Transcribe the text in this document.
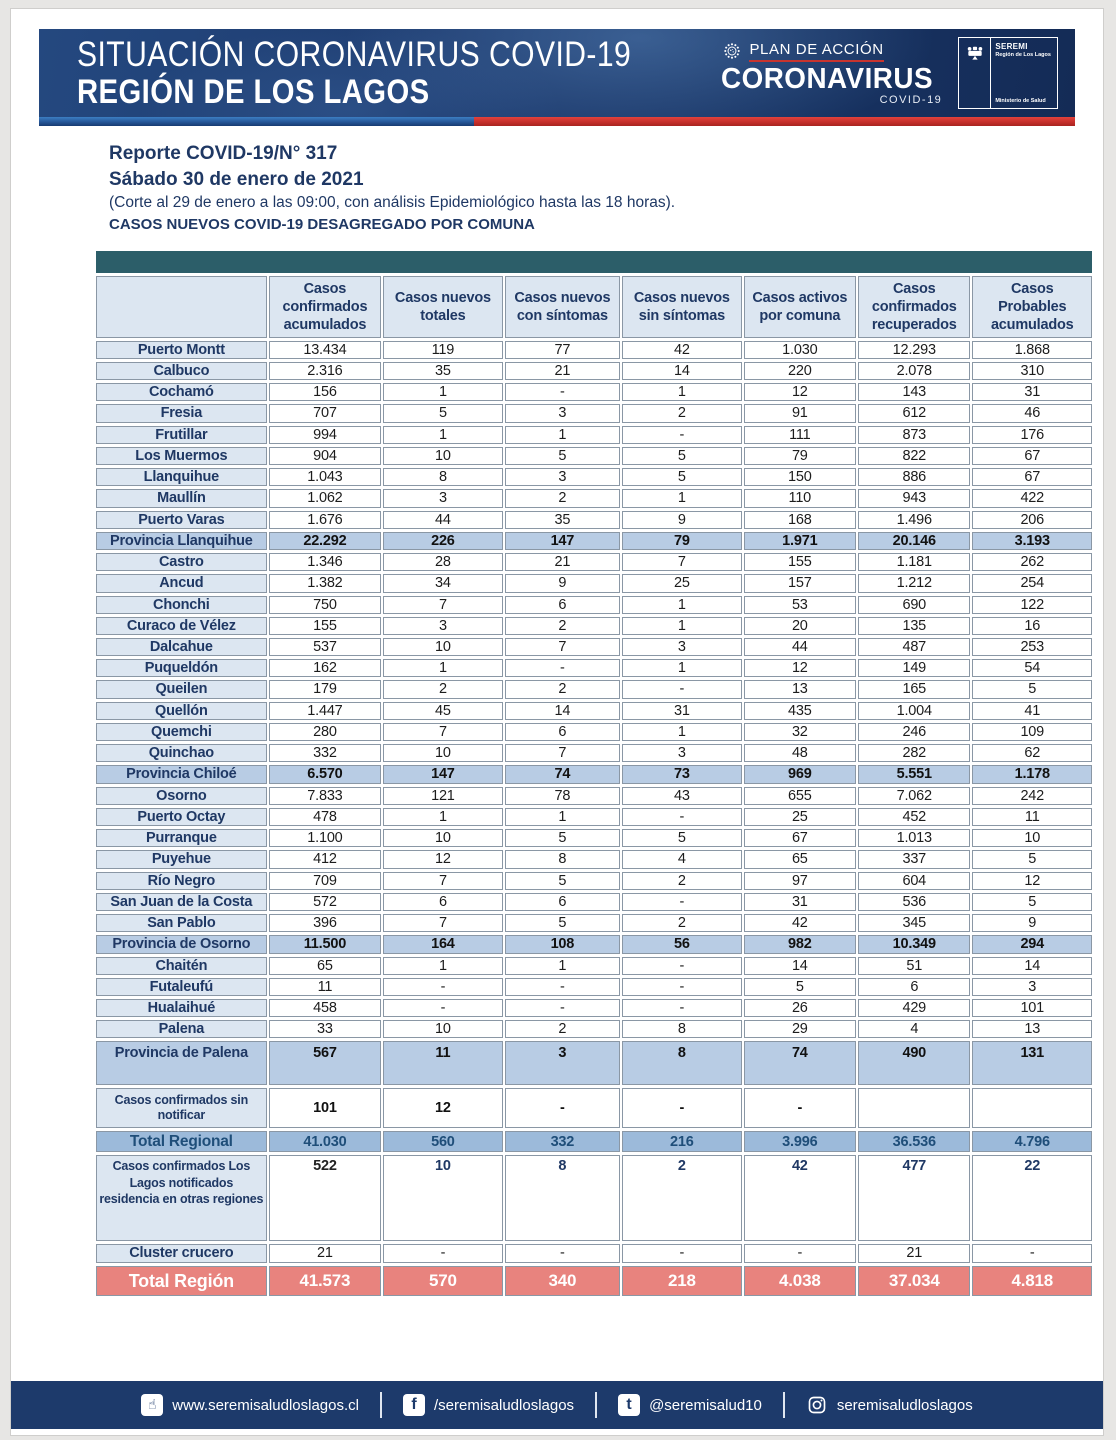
SITUACIÓN CORONAVIRUS COVID-19
REGIÓN DE LOS LAGOS
PLAN DE ACCIÓN
CORONAVIRUS
COVID-19
SEREMI
Región de Los Lagos
Ministerio de Salud
Reporte COVID-19/N° 317
Sábado 30 de enero de 2021
(Corte al 29 de enero a las 09:00, con análisis Epidemiológico hasta las 18 horas).
CASOS NUEVOS COVID-19 DESAGREGADO POR COMUNA

	Casos confirmados acumulados	Casos nuevos totales	Casos nuevos con síntomas	Casos nuevos sin síntomas	Casos activos por comuna	Casos confirmados recuperados	Casos Probables acumulados
Puerto Montt	13.434	119	77	42	1.030	12.293	1.868
Calbuco	2.316	35	21	14	220	2.078	310
Cochamó	156	1	-	1	12	143	31
Fresia	707	5	3	2	91	612	46
Frutillar	994	1	1	-	111	873	176
Los Muermos	904	10	5	5	79	822	67
Llanquihue	1.043	8	3	5	150	886	67
Maullín	1.062	3	2	1	110	943	422
Puerto Varas	1.676	44	35	9	168	1.496	206
Provincia Llanquihue	22.292	226	147	79	1.971	20.146	3.193
Castro	1.346	28	21	7	155	1.181	262
Ancud	1.382	34	9	25	157	1.212	254
Chonchi	750	7	6	1	53	690	122
Curaco de Vélez	155	3	2	1	20	135	16
Dalcahue	537	10	7	3	44	487	253
Puqueldón	162	1	-	1	12	149	54
Queilen	179	2	2	-	13	165	5
Quellón	1.447	45	14	31	435	1.004	41
Quemchi	280	7	6	1	32	246	109
Quinchao	332	10	7	3	48	282	62
Provincia Chiloé	6.570	147	74	73	969	5.551	1.178
Osorno	7.833	121	78	43	655	7.062	242
Puerto Octay	478	1	1	-	25	452	11
Purranque	1.100	10	5	5	67	1.013	10
Puyehue	412	12	8	4	65	337	5
Río Negro	709	7	5	2	97	604	12
San Juan de la Costa	572	6	6	-	31	536	5
San Pablo	396	7	5	2	42	345	9
Provincia de Osorno	11.500	164	108	56	982	10.349	294
Chaitén	65	1	1	-	14	51	14
Futaleufú	11	-	-	-	5	6	3
Hualaihué	458	-	-	-	26	429	101
Palena	33	10	2	8	29	4	13
Provincia de Palena	567	11	3	8	74	490	131
Casos confirmados sin notificar	101	12	-	-	-		
Total Regional	41.030	560	332	216	3.996	36.536	4.796
Casos confirmados Los Lagos notificados residencia en otras regiones	522	10	8	2	42	477	22
Cluster crucero	21	-	-	-	-	21	-
Total Región	41.573	570	340	218	4.038	37.034	4.818
☝	www.seremisaludloslagos.cl	f	/seremisaludloslagos	t	@seremisalud10	seremisaludloslagos
